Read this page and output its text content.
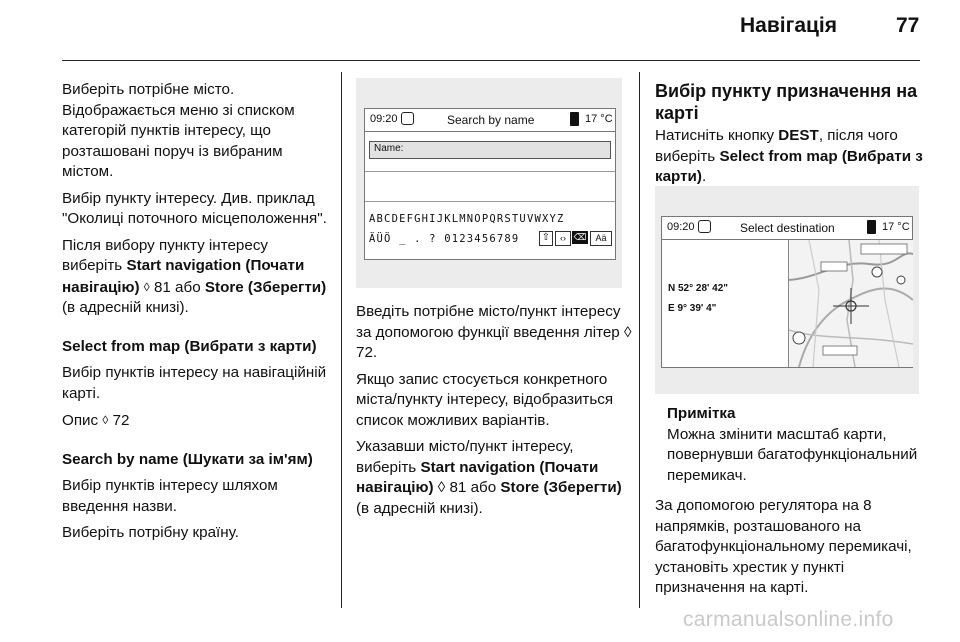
Навігація	77

Виберіть потрібне місто. Відображається меню зі списком категорій пунктів інтересу, що розташовані поруч із вибраним містом.

Вибір пункту інтересу. Див. приклад "Околиці поточного місцеположення".

Після вибору пункту інтересу виберіть Start navigation (Почати навігацію) ◊ 81 або Store (Зберегти) (в адресній книзі).

Select from map (Вибрати з карти)

Вибір пунктів інтересу на навігаційній карті.

Опис ◊ 72

Search by name (Шукати за ім'ям)

Вибір пунктів інтересу шляхом введення назви.

Виберіть потрібну країну.

09:20	Search by name	17 °C
Name:
ABCDEFGHIJKLMNOPQRSTUVWXYZ
ÄÜÖ _ . ? 0123456789 ⇧	‹› ⌫	Aä

Введіть потрібне місто/пункт інтересу за допомогою функції введення літер ◊ 72.

Якщо запис стосується конкретного міста/пункту інтересу, відобразиться список можливих варіантів.

Указавши місто/пункт інтересу, виберіть Start navigation (Почати навігацію) ◊ 81 або Store (Зберегти) (в адресній книзі).

Вибір пункту призначення на карті

Натисніть кнопку DEST, після чого виберіть Select from map (Вибрати з карти).

09:20	Select destination	17 °C
N 52° 28' 42"
E 9° 39' 4"
Примітка
Можна змінити масштаб карти, повернувши багатофункціональний перемикач.

За допомогою регулятора на 8 напрямків, розташованого на багатофункціональному перемикачі, установіть хрестик у пункті призначення на карті.

carmanualsonline.info
